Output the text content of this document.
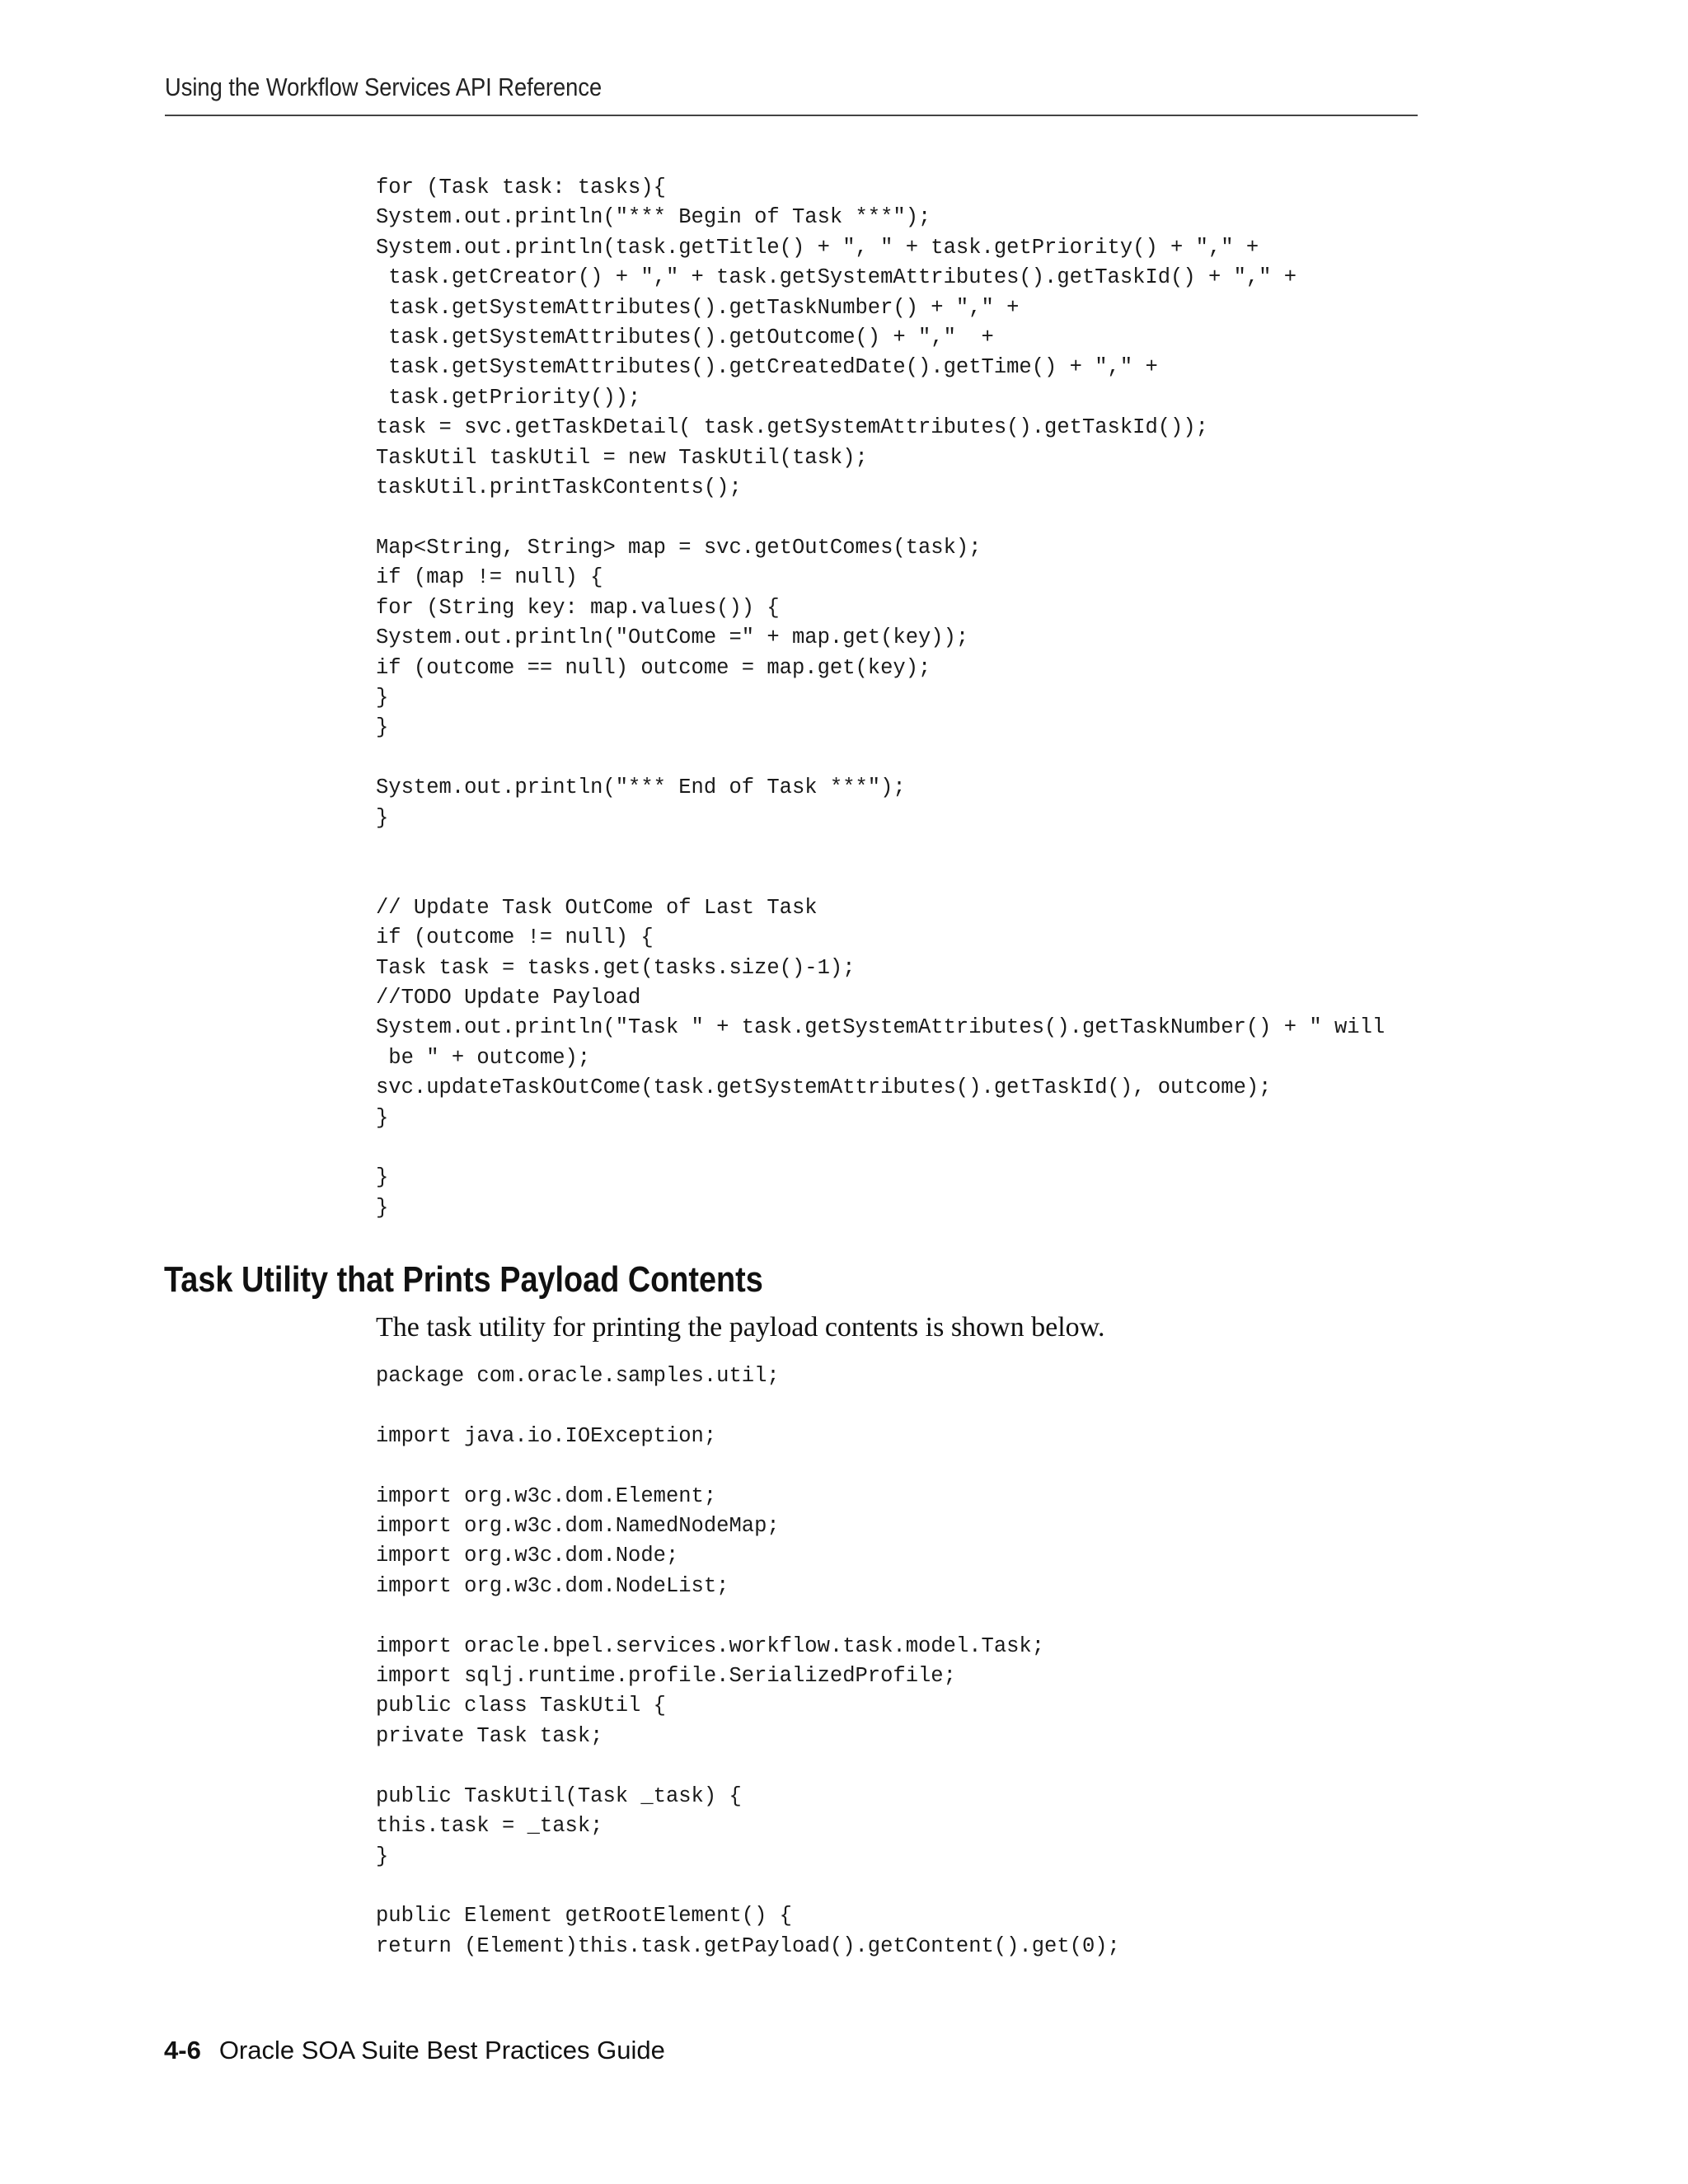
Using the Workflow Services API Reference
for (Task task: tasks){
System.out.println("*** Begin of Task ***");
System.out.println(task.getTitle() + ", " + task.getPriority() + "," +
task.getCreator() + "," + task.getSystemAttributes().getTaskId() + "," +
task.getSystemAttributes().getTaskNumber() + "," +
task.getSystemAttributes().getOutcome() + ","  +
task.getSystemAttributes().getCreatedDate().getTime() + "," +
task.getPriority());
task = svc.getTaskDetail( task.getSystemAttributes().getTaskId());
TaskUtil taskUtil = new TaskUtil(task);
taskUtil.printTaskContents();

Map<String, String> map = svc.getOutComes(task);
if (map != null) {
for (String key: map.values()) {
System.out.println("OutCome =" + map.get(key));
if (outcome == null) outcome = map.get(key);
}
}

System.out.println("*** End of Task ***");
}

// Update Task OutCome of Last Task
if (outcome != null) {
Task task = tasks.get(tasks.size()-1);
//TODO Update Payload
System.out.println("Task " + task.getSystemAttributes().getTaskNumber() + " will
be " + outcome);
svc.updateTaskOutCome(task.getSystemAttributes().getTaskId(), outcome);
}

}
}
Task Utility that Prints Payload Contents

The task utility for printing the payload contents is shown below.

package com.oracle.samples.util;

import java.io.IOException;

import org.w3c.dom.Element;
import org.w3c.dom.NamedNodeMap;
import org.w3c.dom.Node;
import org.w3c.dom.NodeList;

import oracle.bpel.services.workflow.task.model.Task;
import sqlj.runtime.profile.SerializedProfile;
public class TaskUtil {
private Task task;

public TaskUtil(Task _task) {
this.task = _task;
}

public Element getRootElement() {
return (Element)this.task.getPayload().getContent().get(0);
4-6 Oracle SOA Suite Best Practices Guide
